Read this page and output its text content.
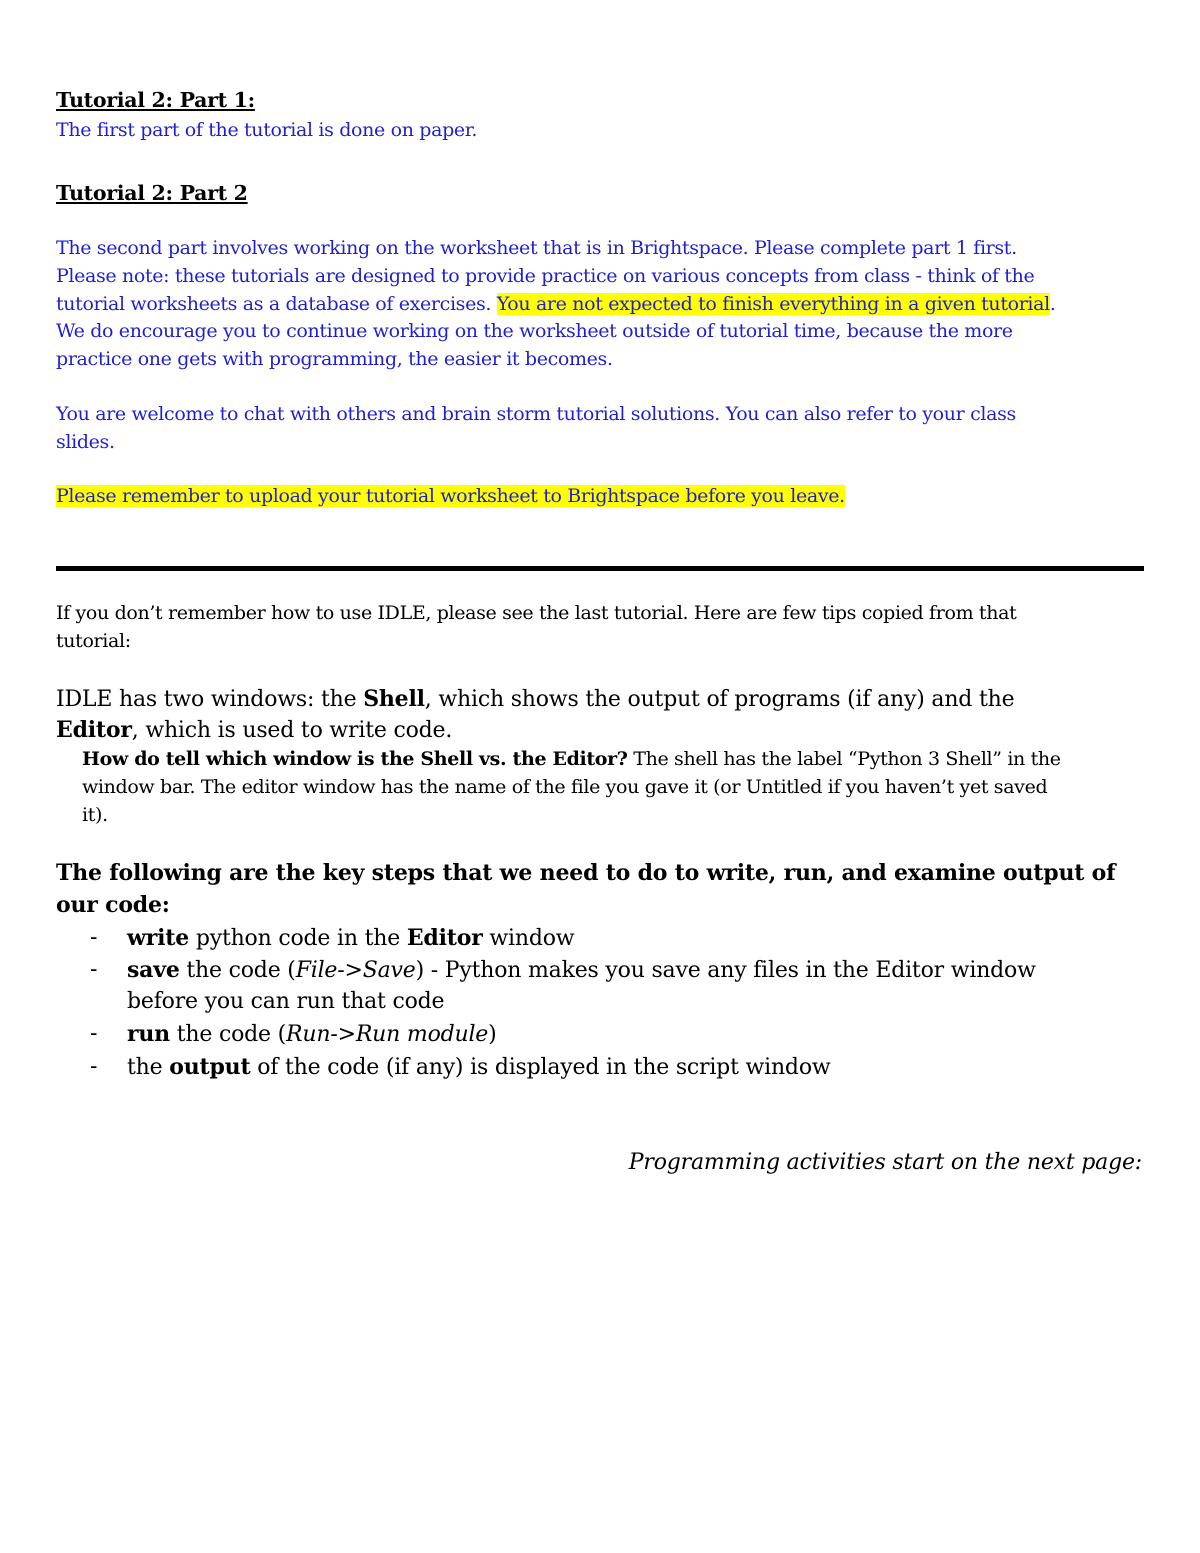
Tutorial 2: Part 1:
The first part of the tutorial is done on paper.
Tutorial 2: Part 2
The second part involves working on the worksheet that is in Brightspace. Please complete part 1 first.
Please note: these tutorials are designed to provide practice on various concepts from class - think of the
tutorial worksheets as a database of exercises. You are not expected to finish everything in a given tutorial.
We do encourage you to continue working on the worksheet outside of tutorial time, because the more
practice one gets with programming, the easier it becomes.
You are welcome to chat with others and brain storm tutorial solutions. You can also refer to your class
slides.
Please remember to upload your tutorial worksheet to Brightspace before you leave.
If you don’t remember how to use IDLE, please see the last tutorial. Here are few tips copied from that
tutorial:
IDLE has two windows: the Shell, which shows the output of programs (if any) and the
Editor, which is used to write code.
How do tell which window is the Shell vs. the Editor? The shell has the label “Python 3 Shell” in the
window bar. The editor window has the name of the file you gave it (or Untitled if you haven’t yet saved
it).
The following are the key steps that we need to do to write, run, and examine output of
our code:
- write python code in the Editor window
- save the code (File->Save) - Python makes you save any files in the Editor window
before you can run that code
- run the code (Run->Run module)
- the output of the code (if any) is displayed in the script window
Programming activities start on the next page:
